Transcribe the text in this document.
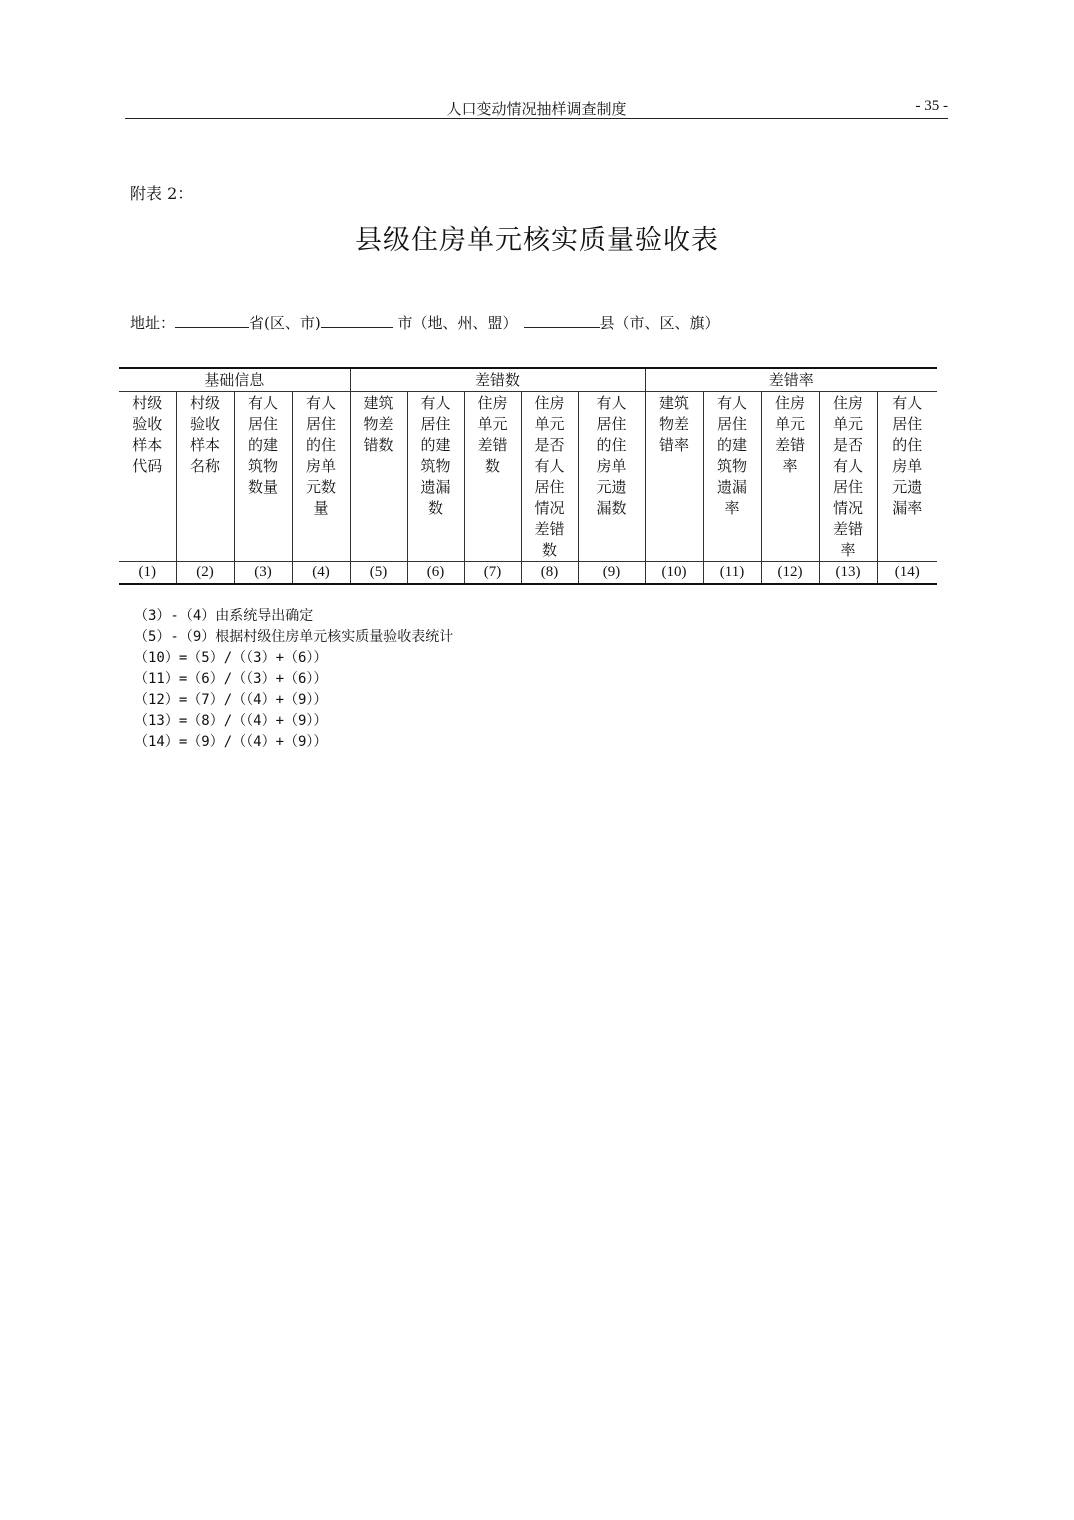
人口变动情况抽样调查制度	- 35 -
附表 2：
县级住房单元核实质量验收表
地址：	省(区、市)	市（地、州、盟）	县（市、区、旗）
基础信息				差错数					差错率				
村级验收样本代码	村级验收样本名称	有人居住的建筑物数量	有人居住的住房单元数量	建筑物差错数	有人居住的建筑物遗漏数	住房单元差错数	住房单元是否有人居住情况差错数	有人居住的住房单元遗漏数	建筑物差错率	有人居住的建筑物遗漏率	住房单元差错率	住房单元是否有人居住情况差错率	有人居住的住房单元遗漏率
(1)	(2)	(3)	(4)	(5)	(6)	(7)	(8)	(9)	(10)	(11)	(12)	(13)	(14)
（3）-（4）由系统导出确定
（5）-（9）根据村级住房单元核实质量验收表统计
（10）=（5）/（（3）+（6））
（11）=（6）/（（3）+（6））
（12）=（7）/（（4）+（9））
（13）=（8）/（（4）+（9））
（14）=（9）/（（4）+（9））
